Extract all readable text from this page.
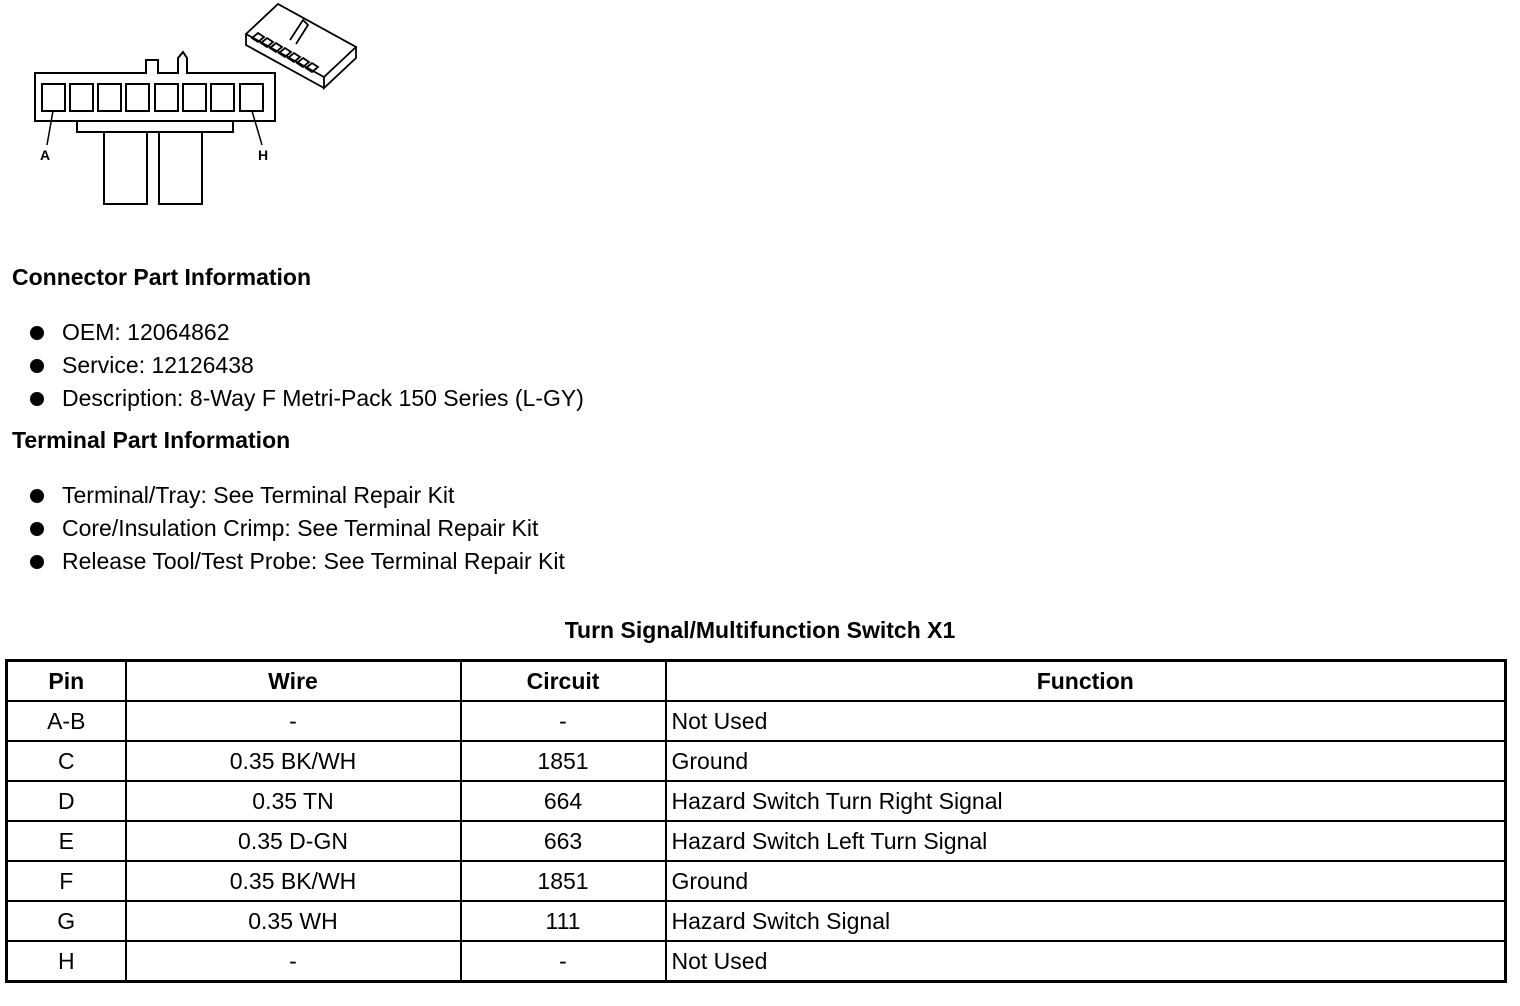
A	H
Connector Part Information
OEM: 12064862
Service: 12126438
Description: 8-Way F Metri-Pack 150 Series (L-GY)
Terminal Part Information
Terminal/Tray: See Terminal Repair Kit
Core/Insulation Crimp: See Terminal Repair Kit
Release Tool/Test Probe: See Terminal Repair Kit
Turn Signal/Multifunction Switch X1
Pin	Wire	Circuit	Function
A-B	-	-	Not Used
C	0.35 BK/WH	1851	Ground
D	0.35 TN	664	Hazard Switch Turn Right Signal
E	0.35 D-GN	663	Hazard Switch Left Turn Signal
F	0.35 BK/WH	1851	Ground
G	0.35 WH	111	Hazard Switch Signal
H	-	-	Not Used
